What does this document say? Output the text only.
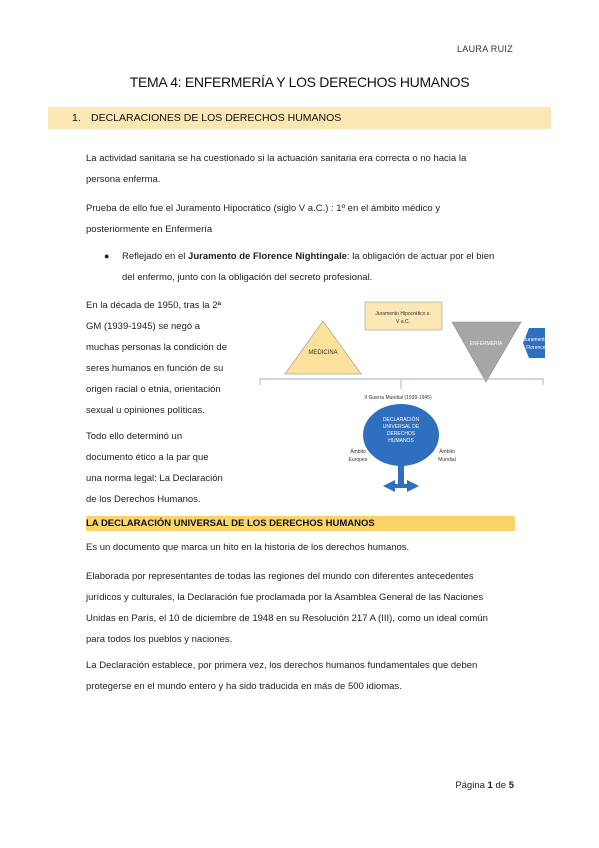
LAURA RUIZ
TEMA 4: ENFERMERÍA Y LOS DERECHOS HUMANOS
1. DECLARACIONES DE LOS DERECHOS HUMANOS
La actividad sanitaria se ha cuestionado si la actuación sanitaria era correcta o no hacia la
persona enferma.
Prueba de ello fue el Juramento Hipocrático (siglo V a.C.) : 1º en el ámbito médico y
posteriormente en Enfermería
● Reflejado en el Juramento de Florence Nightingale: la obligación de actuar por el bien
del enfermo, junto con la obligación del secreto profesional.
En la década de 1950, tras la 2ª
GM (1939-1945) se negó a
muchas personas la condición de
seres humanos en función de su
origen racial o etnia, orientación
sexual u opiniones políticas.
Todo ello determinó un
documento ético a la par que
una norma legal: La Declaración
de los Derechos Humanos.
MEDICINA
Juramento Hipocrático s.
V a.C.
ENFERMERÍA
Juramento de
Florence N.
II Guerra Mundial (1939-1945)
DECLARACIÓN
UNIVERSAL DE
DERECHOS
HUMANOS
Ámbito
Europeo
Ámbito
Mundial
LA DECLARACIÓN UNIVERSAL DE LOS DERECHOS HUMANOS
Es un documento que marca un hito en la historia de los derechos humanos.
Elaborada por representantes de todas las regiones del mundo con diferentes antecedentes
jurídicos y culturales, la Declaración fue proclamada por la Asamblea General de las Naciones
Unidas en París, el 10 de diciembre de 1948 en su Resolución 217 A (III), como un ideal común
para todos los pueblos y naciones.
La Declaración establece, por primera vez, los derechos humanos fundamentales que deben
protegerse en el mundo entero y ha sido traducida en más de 500 idiomas.
Página 1 de 5
